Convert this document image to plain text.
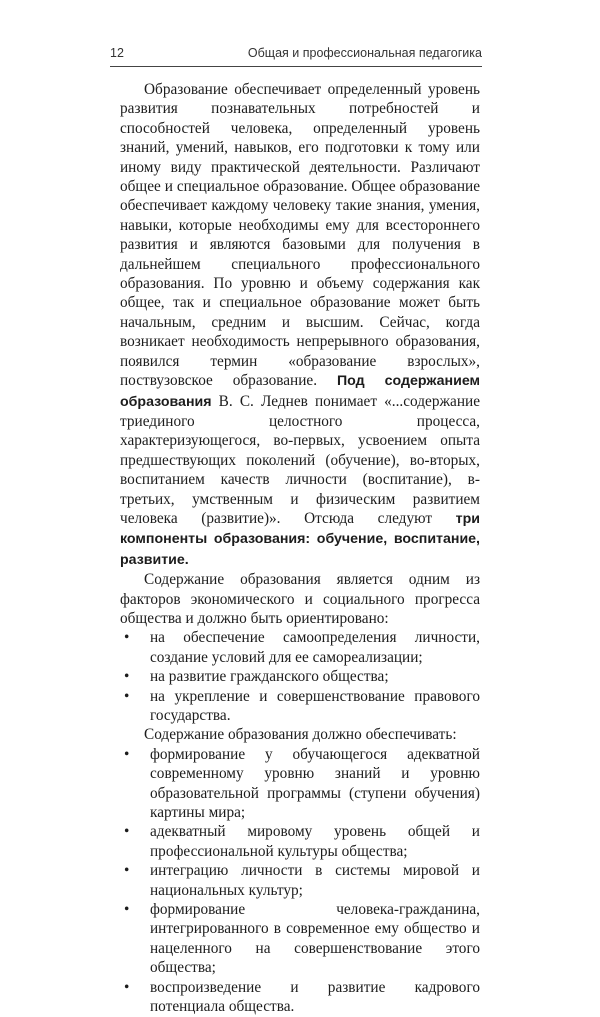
12	Общая и профессиональная педагогика

Образование обеспечивает определенный уровень развития познавательных потребностей и способностей человека, определенный уровень знаний, умений, навыков, его подготовки к тому или иному виду практической деятельности. Различают общее и специальное образование. Общее образование обеспечивает каждому человеку такие знания, умения, навыки, которые необходимы ему для всестороннего развития и являются базовыми для получения в дальнейшем специального профессионального образования. По уровню и объему содержания как общее, так и специальное образование может быть начальным, средним и высшим. Сейчас, когда возникает необходимость непрерывного образования, появился термин «образование взрослых», поствузовское образование. Под содержанием образования В. С. Леднев понимает «...содержание триединого целостного процесса, характеризующегося, во-первых, усвоением опыта предшествующих поколений (обучение), во-вторых, воспитанием качеств личности (воспитание), в-третьих, умственным и физическим развитием человека (развитие)». Отсюда следуют три компоненты образования: обучение, воспитание, развитие.

Содержание образования является одним из факторов экономического и социального прогресса общества и должно быть ориентировано:

• на обеспечение самоопределения личности, создание условий для ее самореализации;
• на развитие гражданского общества;
• на укрепление и совершенствование правового государства.

Содержание образования должно обеспечивать:

• формирование у обучающегося адекватной современному уровню знаний и уровню образовательной программы (ступени обучения) картины мира;
• адекватный мировому уровень общей и профессиональной культуры общества;
• интеграцию личности в системы мировой и национальных культур;
• формирование человека-гражданина, интегрированного в современное ему общество и нацеленного на совершенствование этого общества;
• воспроизведение и развитие кадрового потенциала общества.
